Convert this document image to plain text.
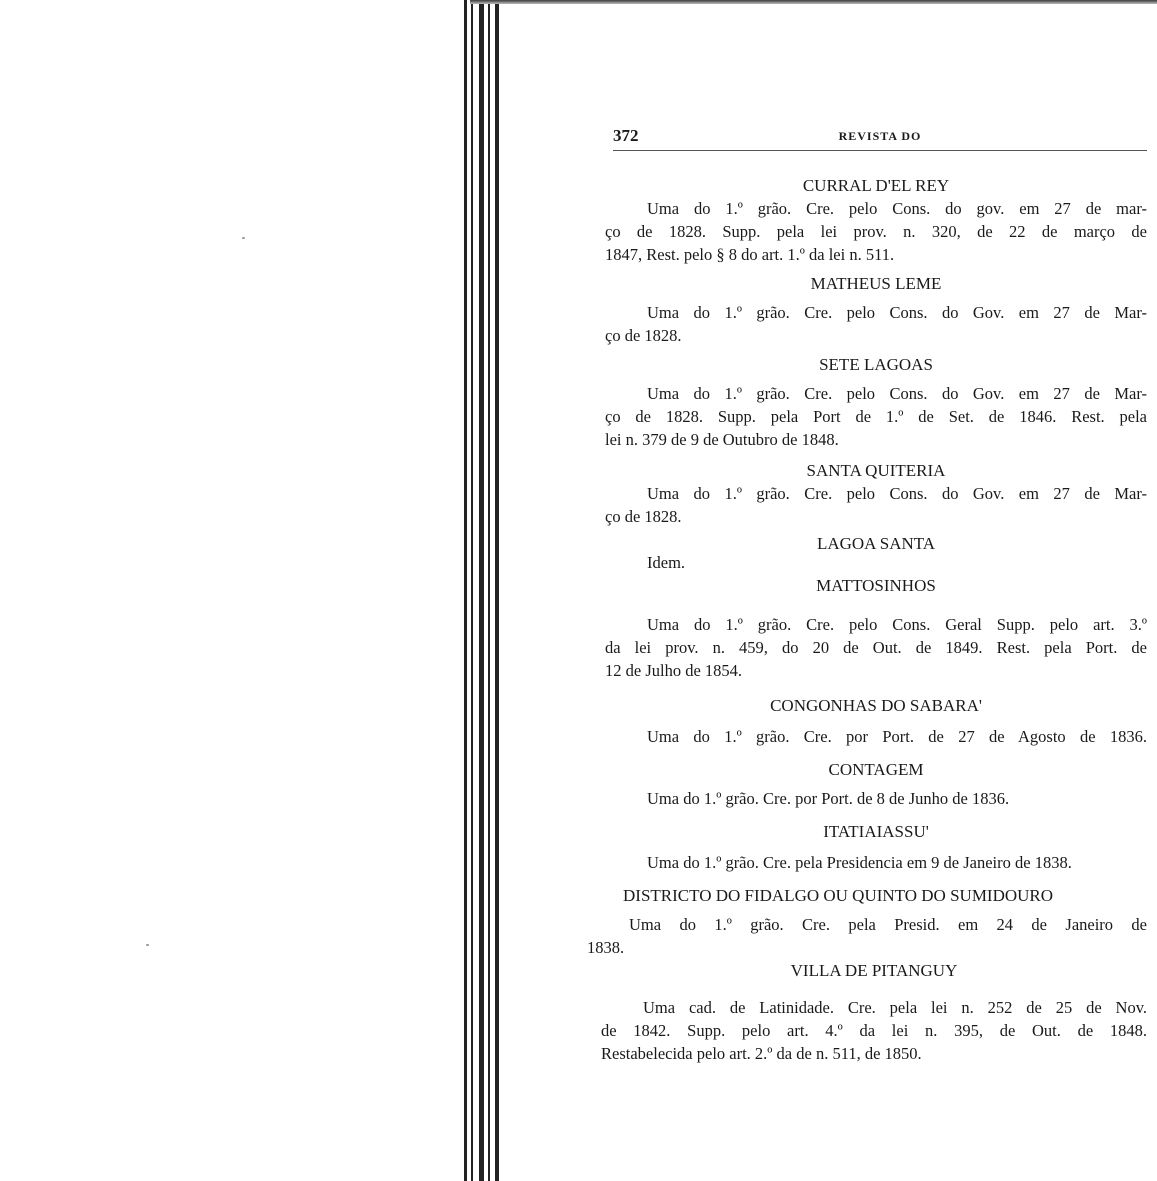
REVISTA DO
372

CURRAL D'EL REY

Uma do 1.º grão. Cre. pelo Cons. do gov. em 27 de mar-
ço de 1828. Supp. pela lei prov. n. 320, de 22 de março de
1847, Rest. pelo § 8 do art. 1.º da lei n. 511.

MATHEUS LEME

Uma do 1.º grão. Cre. pelo Cons. do Gov. em 27 de Mar-
ço de 1828.

SETE LAGOAS

Uma do 1.º grão. Cre. pelo Cons. do Gov. em 27 de Mar-
ço de 1828. Supp. pela Port de 1.º de Set. de 1846. Rest. pela
lei n. 379 de 9 de Outubro de 1848.

SANTA QUITERIA

Uma do 1.º grão. Cre. pelo Cons. do Gov. em 27 de Mar-
ço de 1828.

LAGOA SANTA

Idem.

MATTOSINHOS

Uma do 1.º grão. Cre. pelo Cons. Geral Supp. pelo art. 3.º
da lei prov. n. 459, do 20 de Out. de 1849. Rest. pela Port. de
12 de Julho de 1854.

CONGONHAS DO SABARA'

Uma do 1.º grão. Cre. por Port. de 27 de Agosto de 1836.

CONTAGEM

Uma do 1.º grão. Cre. por Port. de 8 de Junho de 1836.

ITATIAIASSU'

Uma do 1.º grão. Cre. pela Presidencia em 9 de Janeiro de 1838.

DISTRICTO DO FIDALGO OU QUINTO DO SUMIDOURO

Uma do 1.º grão. Cre. pela Presid. em 24 de Janeiro de
1838.

VILLA DE PITANGUY

Uma cad. de Latinidade. Cre. pela lei n. 252 de 25 de Nov.
de 1842. Supp. pelo art. 4.º da lei n. 395, de Out. de 1848.
Restabelecida pelo art. 2.º da de n. 511, de 1850.
